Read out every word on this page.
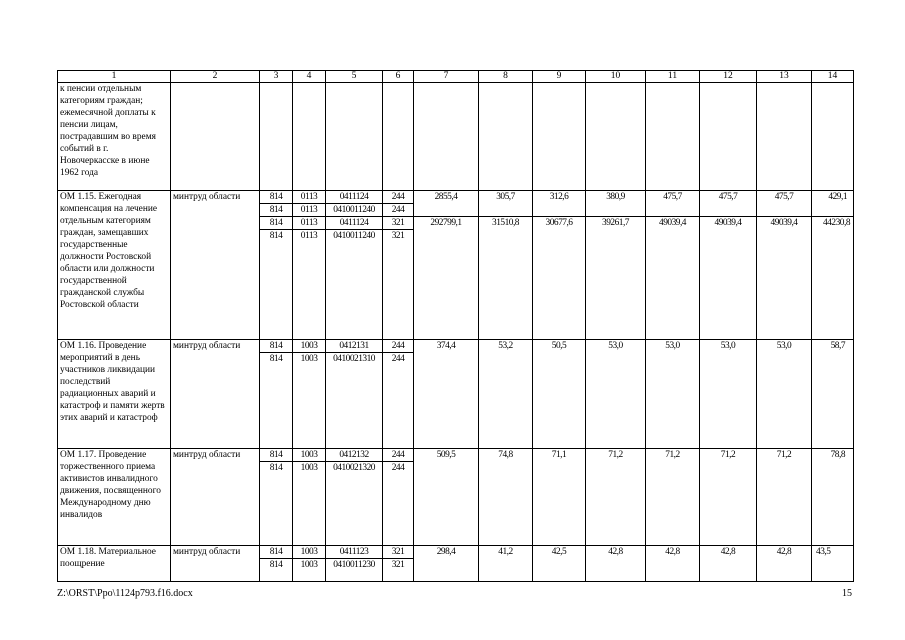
1	2	3	4	5	6	7	8	9	10	11	12	13	14
к пенсии отдельным категориям граждан; ежемесячной доплаты к пенсии лицам, пострадавшим во время событий в г. Новочеркасске в июне 1962 года													
ОМ 1.15. Ежегодная компенсация на лечение отдельным категориям граждан, замещавших государственные должности Ростовской области или должности государственной гражданской службы Ростовской области	минтруд области	814	0113	0411124	244	2855,4	305,7	312,6	380,9	475,7	475,7	475,7	429,1
		814	0113	0410011240	244								
		814	0113	0411124	321	292799,1	31510,8	30677,6	39261,7	49039,4	49039,4	49039,4	44230,8
		814	0113	0410011240	321								
ОМ 1.16. Проведение мероприятий в день участников ликвидации последствий радиационных аварий и катастроф и памяти жертв этих аварий и катастроф	минтруд области	814	1003	0412131	244	374,4	53,2	50,5	53,0	53,0	53,0	53,0	58,7
		814	1003	0410021310	244								
ОМ 1.17. Проведение торжественного приема активистов инвалидного движения, посвященного Международному дню инвалидов	минтруд области	814	1003	0412132	244	509,5	74,8	71,1	71,2	71,2	71,2	71,2	78,8
		814	1003	0410021320	244								
ОМ 1.18. Материальное поощрение	минтруд области	814	1003	0411123	321	298,4	41,2	42,5	42,8	42,8	42,8	42,8	43,5
		814	1003	0410011230	321								
Z:\ORST\Ppo\1124p793.f16.docx	15
